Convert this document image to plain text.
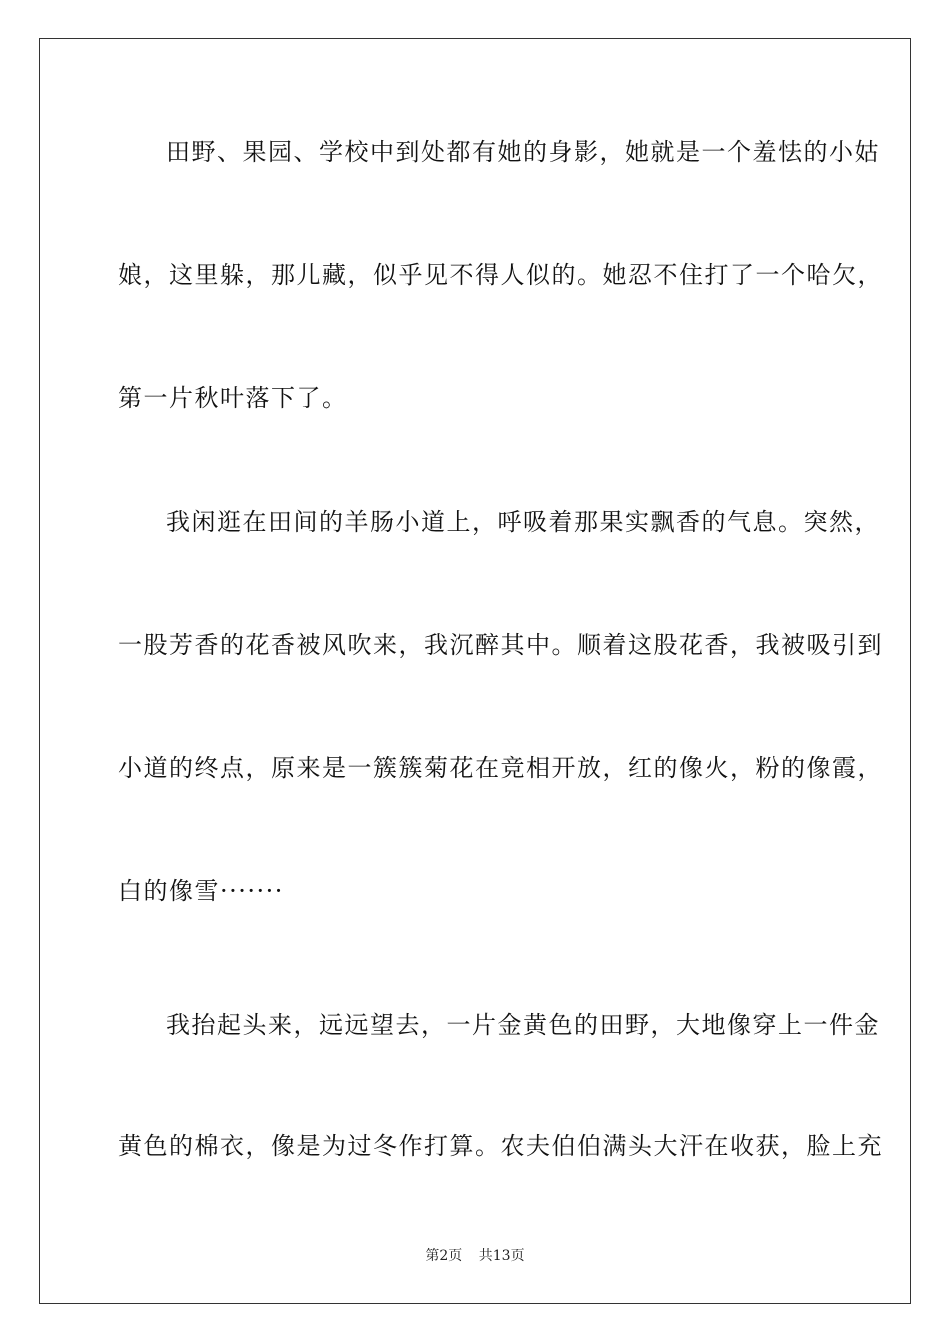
田野、果园、学校中到处都有她的身影，她就是一个羞怯的小姑
娘，这里躲，那儿藏，似乎见不得人似的。她忍不住打了一个哈欠，
第一片秋叶落下了。
我闲逛在田间的羊肠小道上，呼吸着那果实飘香的气息。突然，
一股芳香的花香被风吹来，我沉醉其中。顺着这股花香，我被吸引到
小道的终点，原来是一簇簇菊花在竞相开放，红的像火，粉的像霞，
白的像雪·······
我抬起头来，远远望去，一片金黄色的田野，大地像穿上一件金
黄色的棉衣，像是为过冬作打算。农夫伯伯满头大汗在收获，脸上充
第2页 共13页
